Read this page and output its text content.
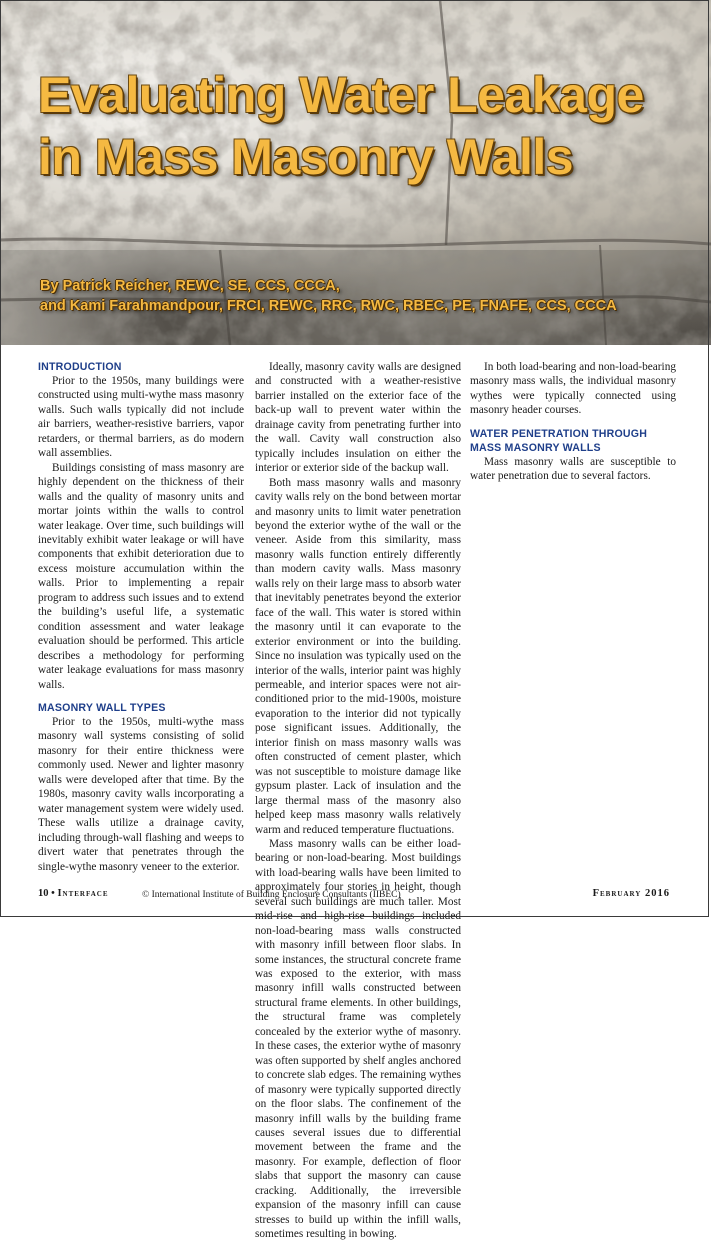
Evaluating Water Leakage
in Mass Masonry Walls
By Patrick Reicher, REWC, SE, CCS, CCCA,
and Kami Farahmandpour, FRCI, REWC, RRC, RWC, RBEC, PE, FNAFE, CCS, CCCA
INTRODUCTION

Prior to the 1950s, many buildings were constructed using multi-wythe mass masonry walls. Such walls typically did not include air barriers, weather-resistive barriers, vapor retarders, or thermal barriers, as do modern wall assemblies.

Buildings consisting of mass masonry are highly dependent on the thickness of their walls and the quality of masonry units and mortar joints within the walls to control water leakage. Over time, such buildings will inevitably exhibit water leakage or will have components that exhibit deterioration due to excess moisture accumulation within the walls. Prior to implementing a repair program to address such issues and to extend the building’s useful life, a systematic condition assessment and water leakage evaluation should be performed. This article describes a methodology for performing water leakage evaluations for mass masonry walls.

MASONRY WALL TYPES

Prior to the 1950s, multi-wythe mass masonry wall systems consisting of solid masonry for their entire thickness were commonly used. Newer and lighter masonry walls were developed after that time. By the 1980s, masonry cavity walls incorporating a water management system were widely used. These walls utilize a drainage cavity, including through-wall flashing and weeps to divert water that penetrates through the single-wythe masonry veneer to the exterior.

Ideally, masonry cavity walls are designed and constructed with a weather-resistive barrier installed on the exterior face of the back-up wall to prevent water within the drainage cavity from penetrating further into the wall. Cavity wall construction also typically includes insulation on either the interior or exterior side of the backup wall.

Both mass masonry walls and masonry cavity walls rely on the bond between mortar and masonry units to limit water penetration beyond the exterior wythe of the wall or the veneer. Aside from this similarity, mass masonry walls function entirely differently than modern cavity walls. Mass masonry walls rely on their large mass to absorb water that inevitably penetrates beyond the exterior face of the wall. This water is stored within the masonry until it can evaporate to the exterior environment or into the building. Since no insulation was typically used on the interior of the walls, interior paint was highly permeable, and interior spaces were not air-conditioned prior to the mid-1900s, moisture evaporation to the interior did not typically pose significant issues. Additionally, the interior finish on mass masonry walls was often constructed of cement plaster, which was not susceptible to moisture damage like gypsum plaster. Lack of insulation and the large thermal mass of the masonry also helped keep mass masonry walls relatively warm and reduced temperature fluctuations.

Mass masonry walls can be either load-bearing or non-load-bearing. Most buildings with load-bearing walls have been limited to approximately four stories in height, though several such buildings are much taller. Most mid-rise and high-rise buildings included non-load-bearing mass walls constructed with masonry infill between floor slabs. In some instances, the structural concrete frame was exposed to the exterior, with mass masonry infill walls constructed between structural frame elements. In other buildings, the structural frame was completely concealed by the exterior wythe of masonry. In these cases, the exterior wythe of masonry was often supported by shelf angles anchored to concrete slab edges. The remaining wythes of masonry were typically supported directly on the floor slabs. The confinement of the masonry infill walls by the building frame causes several issues due to differential movement between the frame and the masonry. For example, deflection of floor slabs that support the masonry can cause cracking. Additionally, the irreversible expansion of the masonry infill can cause stresses to build up within the infill walls, sometimes resulting in bowing.

In both load-bearing and non-load-bearing masonry mass walls, the individual masonry wythes were typically connected using masonry header courses.

WATER PENETRATION THROUGH
MASS MASONRY WALLS

Mass masonry walls are susceptible to water penetration due to several factors.

10 • Interface	© International Institute of Building Enclosure Consultants (IIBEC)	February 2016
